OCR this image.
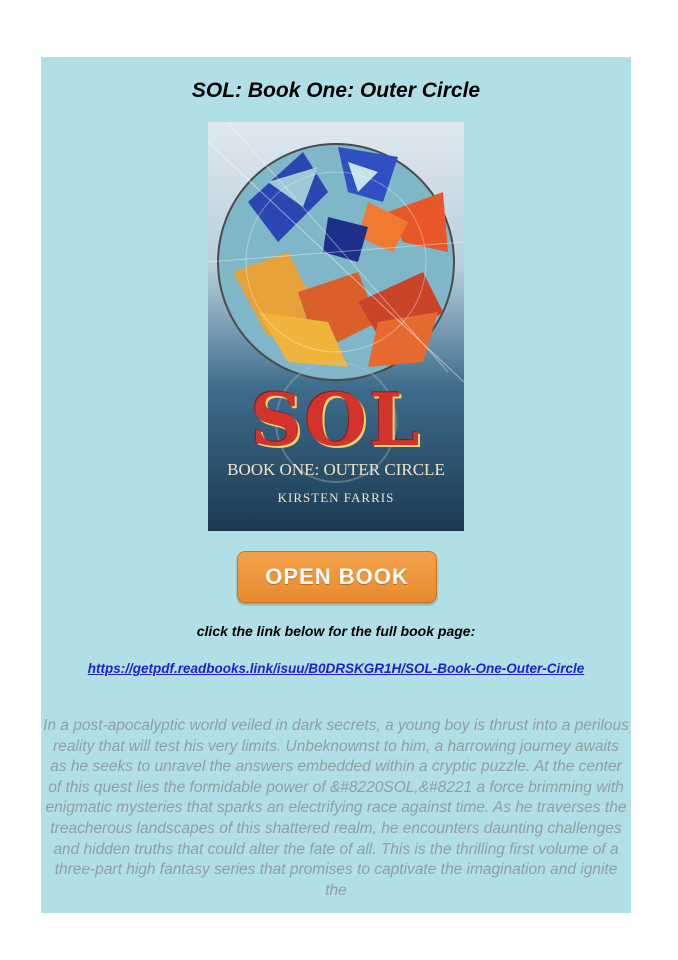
SOL: Book One: Outer Circle
SOL
BOOK ONE: OUTER CIRCLE
KIRSTEN FARRIS
OPEN BOOK
click the link below for the full book page:
https://getpdf.readbooks.link/isuu/B0DRSKGR1H/SOL-Book-One-Outer-Circle
In a post-apocalyptic world veiled in dark secrets, a young boy is thrust into a perilous reality that will test his very limits. Unbeknownst to him, a harrowing journey awaits as he seeks to unravel the answers embedded within a cryptic puzzle. At the center of this quest lies the formidable power of &#8220SOL,&#8221 a force brimming with enigmatic mysteries that sparks an electrifying race against time. As he traverses the treacherous landscapes of this shattered realm, he encounters daunting challenges and hidden truths that could alter the fate of all. This is the thrilling first volume of a three-part high fantasy series that promises to captivate the imagination and ignite the
